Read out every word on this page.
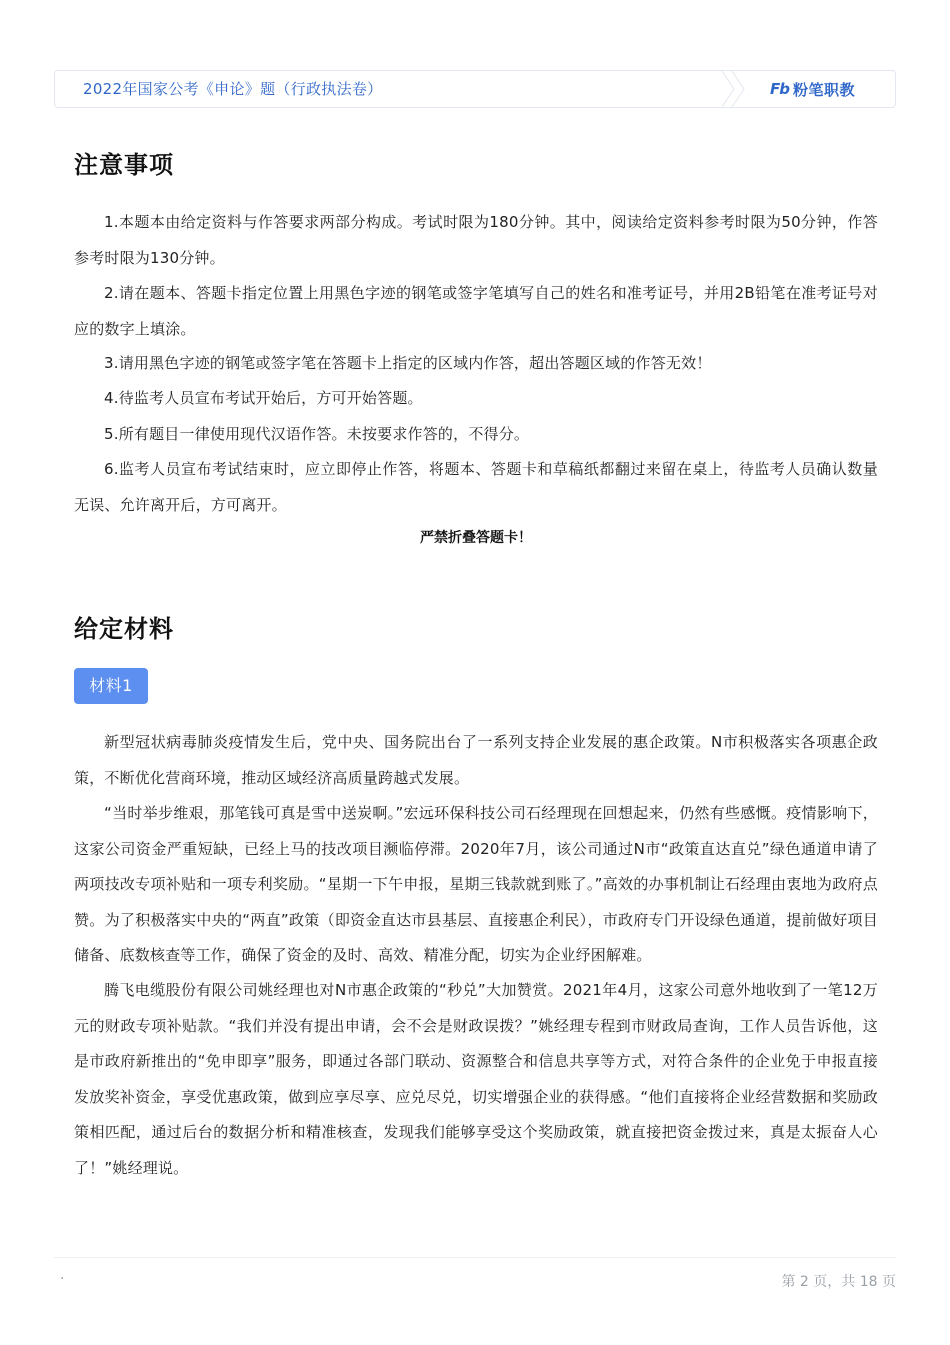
2022年国家公考《申论》题（行政执法卷）	Fb 粉笔职教
注意事项

1.本题本由给定资料与作答要求两部分构成。考试时限为180分钟。其中，阅读给定资料参考时限为50分钟，作答参考时限为130分钟。

2.请在题本、答题卡指定位置上用黑色字迹的钢笔或签字笔填写自己的姓名和准考证号，并用2B铅笔在准考证号对应的数字上填涂。

3.请用黑色字迹的钢笔或签字笔在答题卡上指定的区域内作答，超出答题区域的作答无效！

4.待监考人员宣布考试开始后，方可开始答题。

5.所有题目一律使用现代汉语作答。未按要求作答的，不得分。

6.监考人员宣布考试结束时，应立即停止作答，将题本、答题卡和草稿纸都翻过来留在桌上，待监考人员确认数量无误、允许离开后，方可离开。

严禁折叠答题卡！

给定材料
材料1

新型冠状病毒肺炎疫情发生后，党中央、国务院出台了一系列支持企业发展的惠企政策。N市积极落实各项惠企政策，不断优化营商环境，推动区域经济高质量跨越式发展。

“当时举步维艰，那笔钱可真是雪中送炭啊。”宏远环保科技公司石经理现在回想起来，仍然有些感慨。疫情影响下，这家公司资金严重短缺，已经上马的技改项目濒临停滞。2020年7月，该公司通过N市“政策直达直兑”绿色通道申请了两项技改专项补贴和一项专利奖励。“星期一下午申报，星期三钱款就到账了。”高效的办事机制让石经理由衷地为政府点赞。为了积极落实中央的“两直”政策（即资金直达市县基层、直接惠企利民），市政府专门开设绿色通道，提前做好项目储备、底数核查等工作，确保了资金的及时、高效、精准分配，切实为企业纾困解难。

腾飞电缆股份有限公司姚经理也对N市惠企政策的“秒兑”大加赞赏。2021年4月，这家公司意外地收到了一笔12万元的财政专项补贴款。“我们并没有提出申请，会不会是财政误拨？”姚经理专程到市财政局查询，工作人员告诉他，这是市政府新推出的“免申即享”服务，即通过各部门联动、资源整合和信息共享等方式，对符合条件的企业免于申报直接发放奖补资金，享受优惠政策，做到应享尽享、应兑尽兑，切实增强企业的获得感。“他们直接将企业经营数据和奖励政策相匹配，通过后台的数据分析和精准核查，发现我们能够享受这个奖励政策，就直接把资金拨过来，真是太振奋人心了！”姚经理说。

·	第 2 页，共 18 页
